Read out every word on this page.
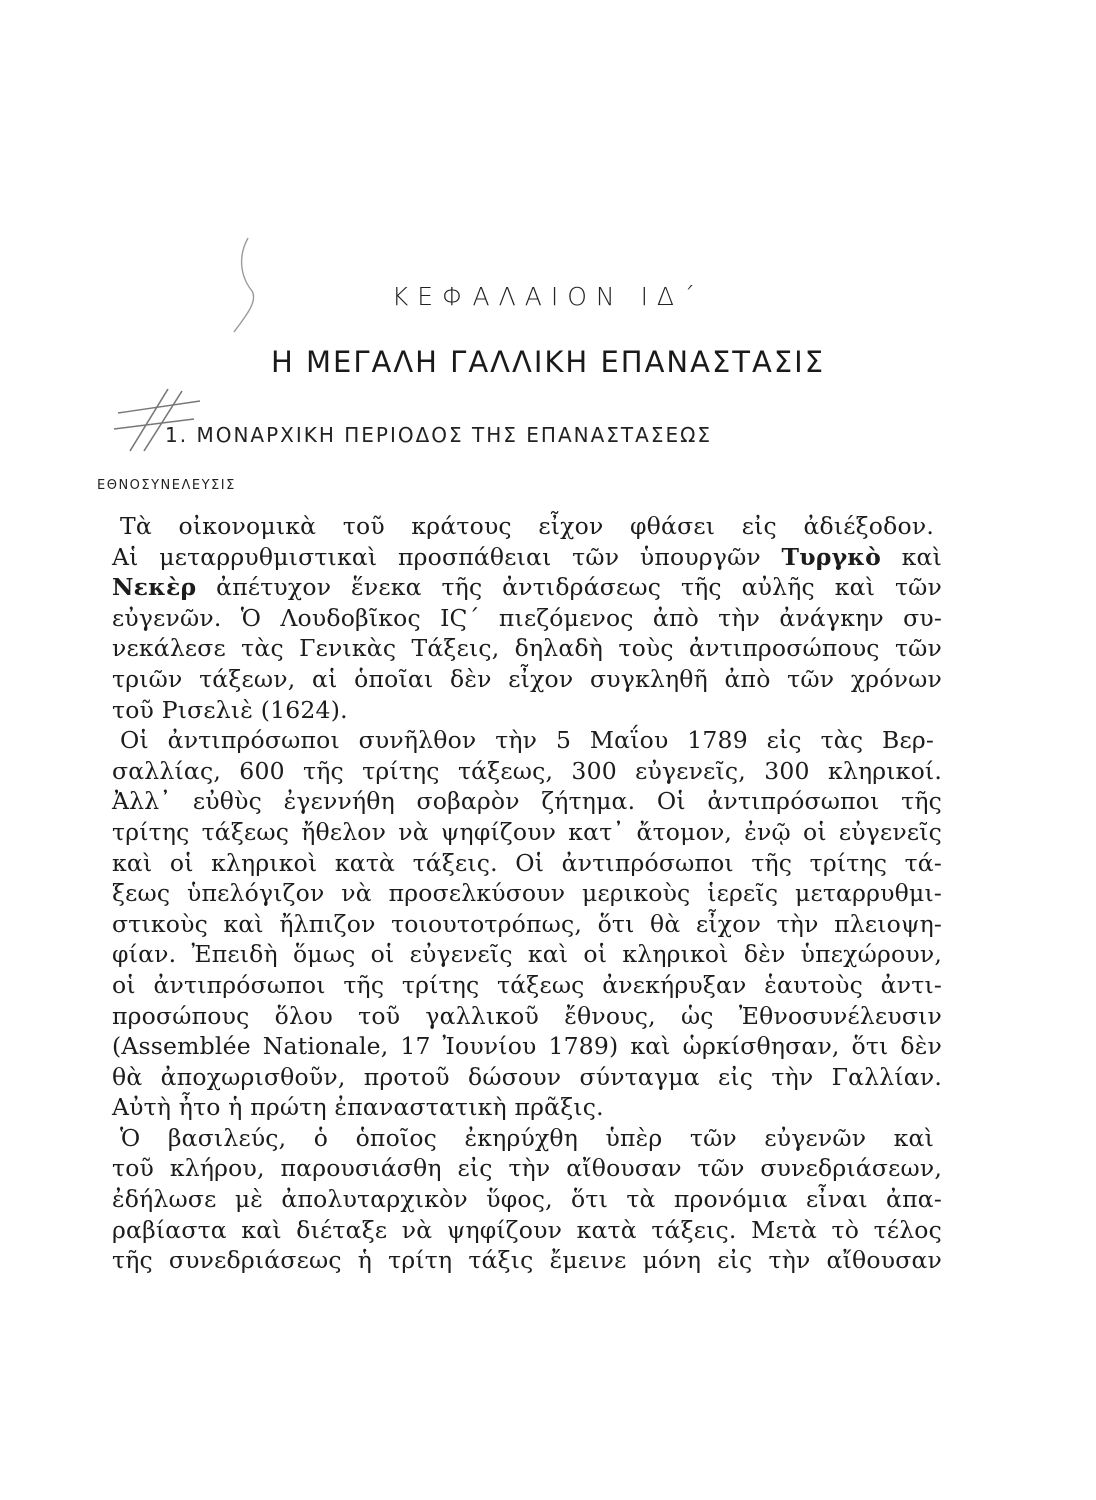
ΚΕΦΑΛΑΙΟΝ ΙΔ΄
Η ΜΕΓΑΛΗ ΓΑΛΛΙΚΗ ΕΠΑΝΑΣΤΑΣΙΣ
1. ΜΟΝΑΡΧΙΚΗ ΠΕΡΙΟΔΟΣ ΤΗΣ ΕΠΑΝΑΣΤΑΣΕΩΣ
ΕΘΝΟΣΥΝΕΛΕΥΣΙΣ
Τὰ οἰκονομικὰ τοῦ κράτους εἶχον φθάσει εἰς ἀδιέξοδον.
Αἱ μεταρρυθμιστικαὶ προσπάθειαι τῶν ὑπουργῶν Τυργκὸ καὶ
Νεκὲρ ἀπέτυχον ἕνεκα τῆς ἀντιδράσεως τῆς αὐλῆς καὶ τῶν
εὐγενῶν. Ὁ Λουδοβῖκος ΙϚ΄ πιεζόμενος ἀπὸ τὴν ἀνάγκην συ-
νεκάλεσε τὰς Γενικὰς Τάξεις, δηλαδὴ τοὺς ἀντιπροσώπους τῶν
τριῶν τάξεων, αἱ ὁποῖαι δὲν εἶχον συγκληθῆ ἀπὸ τῶν χρόνων
τοῦ Ρισελιὲ (1624).
Οἱ ἀντιπρόσωποι συνῆλθον τὴν 5 Μαΐου 1789 εἰς τὰς Βερ-
σαλλίας, 600 τῆς τρίτης τάξεως, 300 εὐγενεῖς, 300 κληρικοί.
Ἀλλ᾽ εὐθὺς ἐγεννήθη σοβαρὸν ζήτημα. Οἱ ἀντιπρόσωποι τῆς
τρίτης τάξεως ἤθελον νὰ ψηφίζουν κατ᾽ ἄτομον, ἐνῷ οἱ εὐγενεῖς
καὶ οἱ κληρικοὶ κατὰ τάξεις. Οἱ ἀντιπρόσωποι τῆς τρίτης τά-
ξεως ὑπελόγιζον νὰ προσελκύσουν μερικοὺς ἱερεῖς μεταρρυθμι-
στικοὺς καὶ ἤλπιζον τοιουτοτρόπως, ὅτι θὰ εἶχον τὴν πλειοψη-
φίαν. Ἐπειδὴ ὅμως οἱ εὐγενεῖς καὶ οἱ κληρικοὶ δὲν ὑπεχώρουν,
οἱ ἀντιπρόσωποι τῆς τρίτης τάξεως ἀνεκήρυξαν ἑαυτοὺς ἀντι-
προσώπους ὅλου τοῦ γαλλικοῦ ἔθνους, ὡς Ἐθνοσυνέλευσιν
(Assemblée Nationale, 17 Ἰουνίου 1789) καὶ ὡρκίσθησαν, ὅτι δὲν
θὰ ἀποχωρισθοῦν, προτοῦ δώσουν σύνταγμα εἰς τὴν Γαλλίαν.
Αὐτὴ ἦτο ἡ πρώτη ἐπαναστατικὴ πρᾶξις.
Ὁ βασιλεύς, ὁ ὁποῖος ἐκηρύχθη ὑπὲρ τῶν εὐγενῶν καὶ
τοῦ κλήρου, παρουσιάσθη εἰς τὴν αἴθουσαν τῶν συνεδριάσεων,
ἐδήλωσε μὲ ἀπολυταρχικὸν ὕφος, ὅτι τὰ προνόμια εἶναι ἀπα-
ραβίαστα καὶ διέταξε νὰ ψηφίζουν κατὰ τάξεις. Μετὰ τὸ τέλος
τῆς συνεδριάσεως ἡ τρίτη τάξις ἔμεινε μόνη εἰς τὴν αἴθουσαν
